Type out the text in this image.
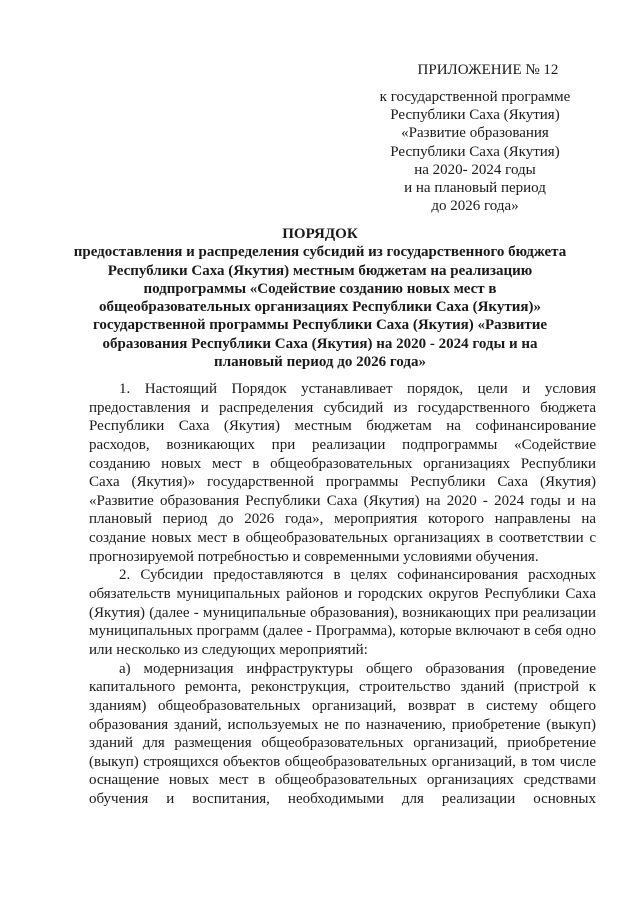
ПРИЛОЖЕНИЕ № 12
к государственной программе
Республики Саха (Якутия)
«Развитие образования
Республики Саха (Якутия)
на 2020- 2024 годы
и на плановый период
до 2026 года»
ПОРЯДОК
предоставления и распределения субсидий из государственного бюджета
Республики Саха (Якутия) местным бюджетам на реализацию
подпрограммы «Содействие созданию новых мест в
общеобразовательных организациях Республики Саха (Якутия)»
государственной программы Республики Саха (Якутия) «Развитие
образования Республики Саха (Якутия) на 2020 - 2024 годы и на
плановый период до 2026 года»
1. Настоящий Порядок устанавливает порядок, цели и условия
предоставления и распределения субсидий из государственного бюджета
Республики Саха (Якутия) местным бюджетам на софинансирование
расходов, возникающих при реализации подпрограммы «Содействие
созданию новых мест в общеобразовательных организациях Республики
Саха (Якутия)» государственной программы Республики Саха (Якутия)
«Развитие образования Республики Саха (Якутия) на 2020 - 2024 годы и на
плановый период до 2026 года», мероприятия которого направлены на
создание новых мест в общеобразовательных организациях в соответствии с
прогнозируемой потребностью и современными условиями обучения.
2. Субсидии предоставляются в целях софинансирования расходных
обязательств муниципальных районов и городских округов Республики Саха
(Якутия) (далее - муниципальные образования), возникающих при реализации
муниципальных программ (далее - Программа), которые включают в себя одно
или несколько из следующих мероприятий:
а) модернизация инфраструктуры общего образования (проведение
капитального ремонта, реконструкция, строительство зданий (пристрой к
зданиям) общеобразовательных организаций, возврат в систему общего
образования зданий, используемых не по назначению, приобретение (выкуп)
зданий для размещения общеобразовательных организаций, приобретение
(выкуп) строящихся объектов общеобразовательных организаций, в том числе
оснащение новых мест в общеобразовательных организациях средствами
обучения и воспитания, необходимыми для реализации основных
